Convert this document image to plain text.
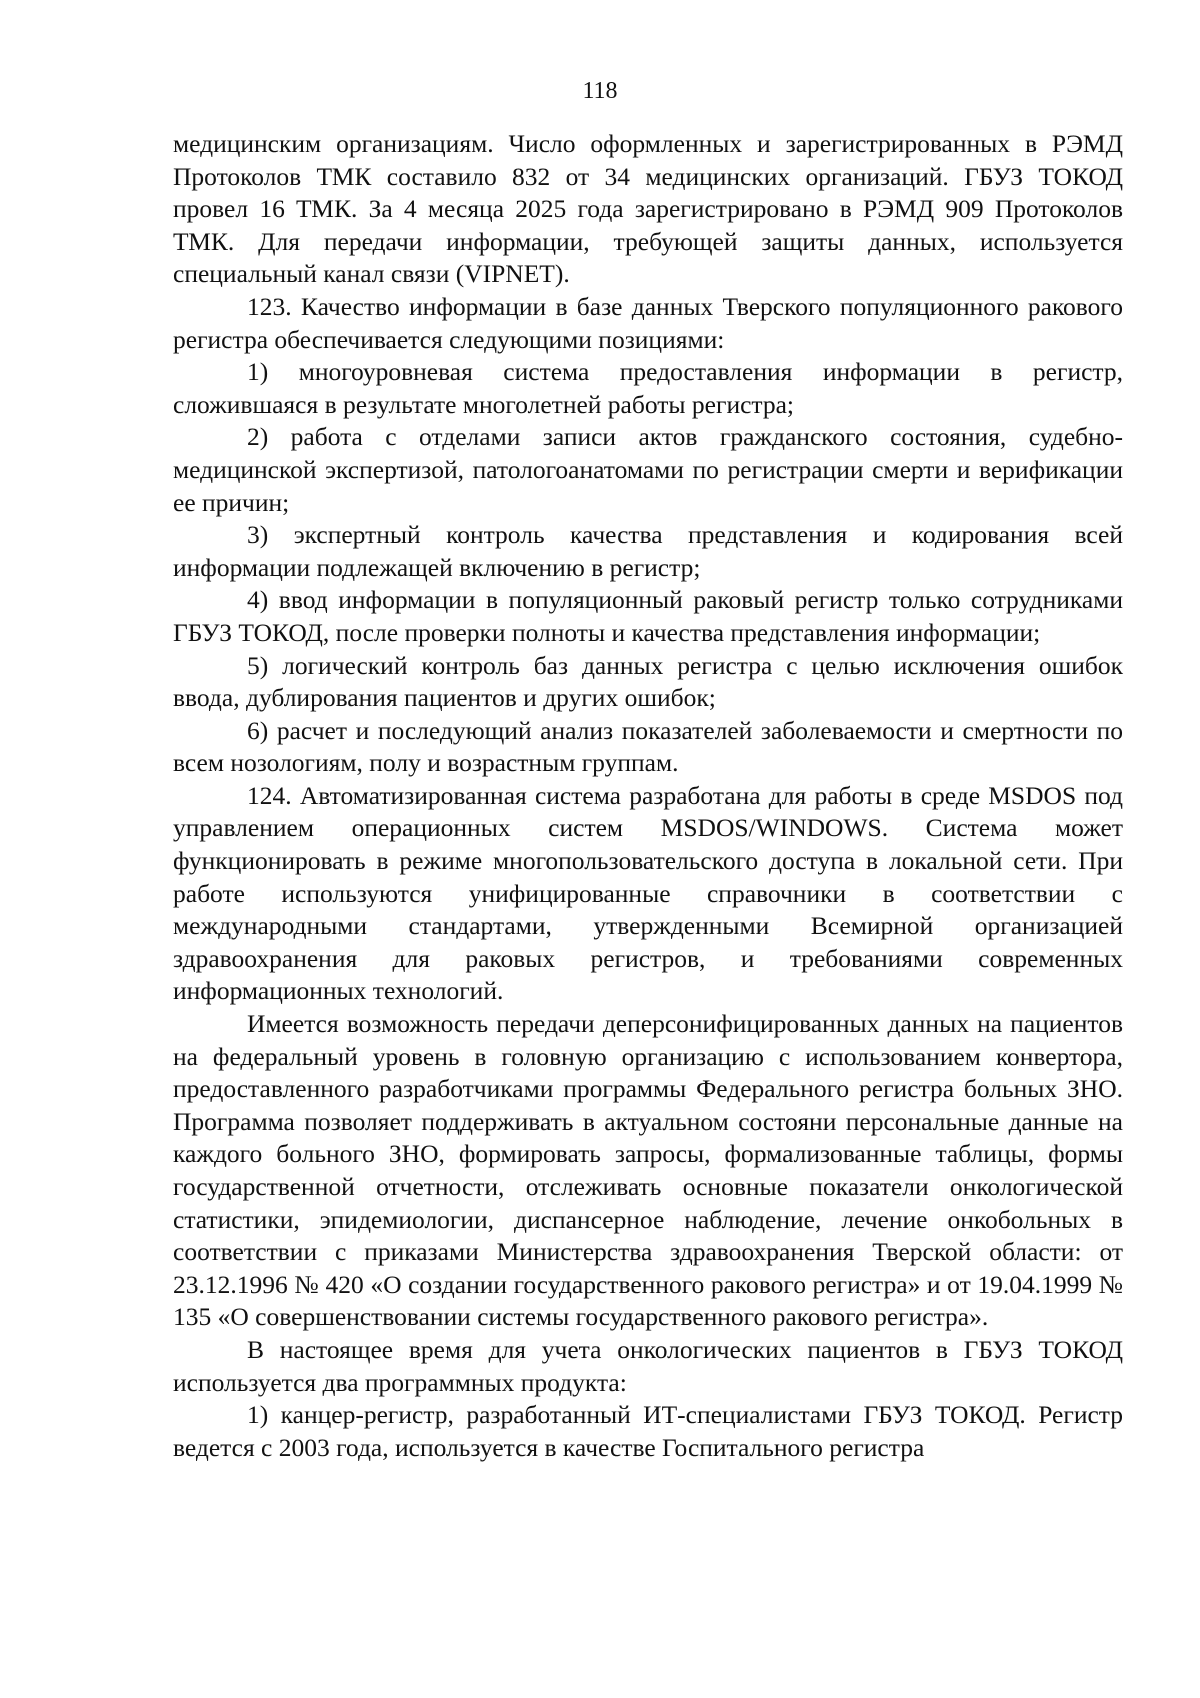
118

медицинским организациям. Число оформленных и зарегистрированных в РЭМД Протоколов ТМК составило 832 от 34 медицинских организаций. ГБУЗ ТОКОД провел 16 ТМК. За 4 месяца 2025 года зарегистрировано в РЭМД 909 Протоколов ТМК. Для передачи информации, требующей защиты данных, используется специальный канал связи (VIPNET).

123. Качество информации в базе данных Тверского популяционного ракового регистра обеспечивается следующими позициями:

1) многоуровневая система предоставления информации в регистр, сложившаяся в результате многолетней работы регистра;

2) работа с отделами записи актов гражданского состояния, судебно-медицинской экспертизой, патологоанатомами по регистрации смерти и верификации ее причин;

3) экспертный контроль качества представления и кодирования всей информации подлежащей включению в регистр;

4) ввод информации в популяционный раковый регистр только сотрудниками ГБУЗ ТОКОД, после проверки полноты и качества представления информации;

5) логический контроль баз данных регистра с целью исключения ошибок ввода, дублирования пациентов и других ошибок;

6) расчет и последующий анализ показателей заболеваемости и смертности по всем нозологиям, полу и возрастным группам.

124. Автоматизированная система разработана для работы в среде MSDOS под управлением операционных систем MSDOS/WINDOWS. Система может функционировать в режиме многопользовательского доступа в локальной сети. При работе используются унифицированные справочники в соответствии с международными стандартами, утвержденными Всемирной организацией здравоохранения для раковых регистров, и требованиями современных информационных технологий.

Имеется возможность передачи деперсонифицированных данных на пациентов на федеральный уровень в головную организацию с использованием конвертора, предоставленного разработчиками программы Федерального регистра больных ЗНО. Программа позволяет поддерживать в актуальном состояни персональные данные на каждого больного ЗНО, формировать запросы, формализованные таблицы, формы государственной отчетности, отслеживать основные показатели онкологической статистики, эпидемиологии, диспансерное наблюдение, лечение онкобольных в соответствии с приказами Министерства здравоохранения Тверской области: от 23.12.1996 № 420 «О создании государственного ракового регистра» и от 19.04.1999 № 135 «О совершенствовании системы государственного ракового регистра».

В настоящее время для учета онкологических пациентов в ГБУЗ ТОКОД используется два программных продукта:

1) канцер-регистр, разработанный ИТ-специалистами ГБУЗ ТОКОД. Регистр ведется с 2003 года, используется в качестве Госпитального регистра
